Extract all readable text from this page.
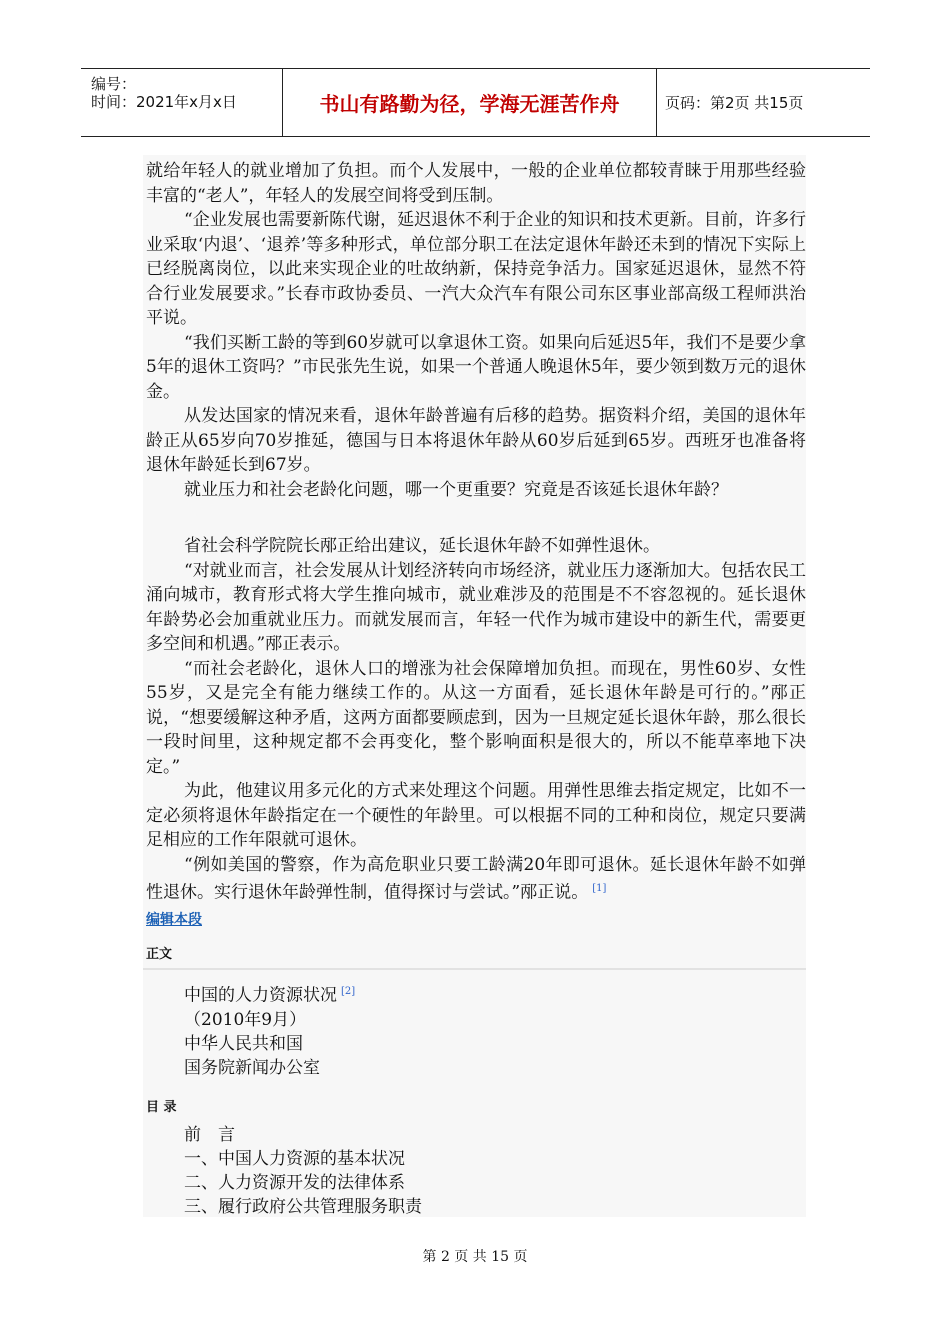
编号：
时间：2021年x月x日	书山有路勤为径，学海无涯苦作舟	页码：第2页 共15页

就给年轻人的就业增加了负担。而个人发展中，一般的企业单位都较青睐于用那些经验丰富的“老人”，年轻人的发展空间将受到压制。

“企业发展也需要新陈代谢，延迟退休不利于企业的知识和技术更新。目前，许多行业采取‘内退’、‘退养’等多种形式，单位部分职工在法定退休年龄还未到的情况下实际上已经脱离岗位，以此来实现企业的吐故纳新，保持竞争活力。国家延迟退休，显然不符合行业发展要求。”长春市政协委员、一汽大众汽车有限公司东区事业部高级工程师洪治平说。

“我们买断工龄的等到60岁就可以拿退休工资。如果向后延迟5年，我们不是要少拿5年的退休工资吗？”市民张先生说，如果一个普通人晚退休5年，要少领到数万元的退休金。

从发达国家的情况来看，退休年龄普遍有后移的趋势。据资料介绍，美国的退休年龄正从65岁向70岁推延，德国与日本将退休年龄从60岁后延到65岁。西班牙也准备将退休年龄延长到67岁。

就业压力和社会老龄化问题，哪一个更重要？究竟是否该延长退休年龄？

省社会科学院院长邴正给出建议，延长退休年龄不如弹性退休。

“对就业而言，社会发展从计划经济转向市场经济，就业压力逐渐加大。包括农民工涌向城市，教育形式将大学生推向城市，就业难涉及的范围是不不容忽视的。延长退休年龄势必会加重就业压力。而就发展而言，年轻一代作为城市建设中的新生代，需要更多空间和机遇。”邴正表示。

“而社会老龄化，退休人口的增涨为社会保障增加负担。而现在，男性60岁、女性55岁，又是完全有能力继续工作的。从这一方面看，延长退休年龄是可行的。”邴正说，“想要缓解这种矛盾，这两方面都要顾虑到，因为一旦规定延长退休年龄，那么很长一段时间里，这种规定都不会再变化，整个影响面积是很大的，所以不能草率地下决定。”

为此，他建议用多元化的方式来处理这个问题。用弹性思维去指定规定，比如不一定必须将退休年龄指定在一个硬性的年龄里。可以根据不同的工种和岗位，规定只要满足相应的工作年限就可退休。

“例如美国的警察，作为高危职业只要工龄满20年即可退休。延长退休年龄不如弹性退休。实行退休年龄弹性制，值得探讨与尝试。”邴正说。 [1]

编辑本段
正文
中国的人力资源状况 [2]
（2010年9月）
中华人民共和国
国务院新闻办公室
目 录
前　言
一、中国人力资源的基本状况
二、人力资源开发的法律体系
三、履行政府公共管理服务职责
第 2 页 共 15 页
